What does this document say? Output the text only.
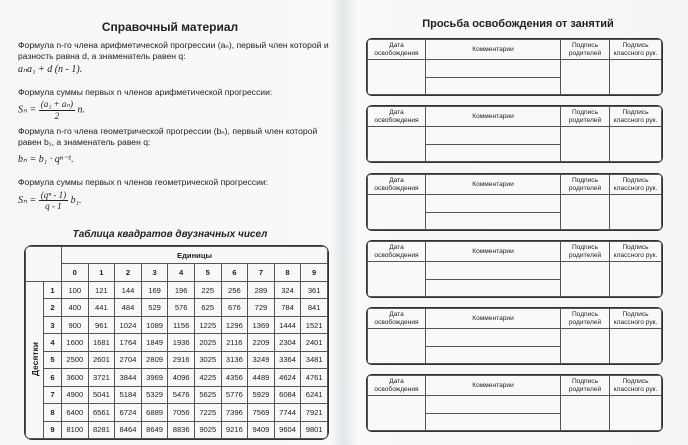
Справочный материал
Формула n-го члена арифметической прогрессии (aₙ), первый член которой и разность равна d, а знаменатель равен q:
aₙa₁ + d (n - 1).
Формула суммы первых n членов арифметической прогрессии:
$S_n = \frac{\text{(a₁ + aₙ)}}{2} n$.
Формула n-го члена геометрической прогрессии (bₙ), первый член которой
равен b₁, а знаменатель равен q:
bₙ = b₁ · qⁿ⁻¹.
Формула суммы первых n членов геометрической прогрессии:
$S_n = \frac{\text{(qⁿ - 1)}}{q - 1} b_1$.
Таблица квадратов двузначных чисел
		Единицы									
		0	1	2	3	4	5	6	7	8	9
Десятки	1	100	121	144	169	196	225	256	289	324	361
	2	400	441	484	529	576	625	676	729	784	841
	3	900	961	1024	1089	1156	1225	1296	1369	1444	1521
	4	1600	1681	1764	1849	1936	2025	2116	2209	2304	2401
	5	2500	2601	2704	2809	2916	3025	3136	3249	3364	3481
	6	3600	3721	3844	3969	4096	4225	4356	4489	4624	4761
	7	4900	5041	5184	5329	5476	5625	5776	5929	6084	6241
	8	6400	6561	6724	6889	7056	7225	7396	7569	7744	7921
	9	8100	8281	8464	8649	8836	9025	9216	9409	9604	9801
Просьба освобождения от занятий
Дата освобождения	Комментарии	Подпись родителей	Подпись классного рук.

Дата освобождения	Комментарии	Подпись родителей	Подпись классного рук.

Дата освобождения	Комментарии	Подпись родителей	Подпись классного рук.

Дата освобождения	Комментарии	Подпись родителей	Подпись классного рук.

Дата освобождения	Комментарии	Подпись родителей	Подпись классного рук.

Дата освобождения	Комментарии	Подпись родителей	Подпись классного рук.
